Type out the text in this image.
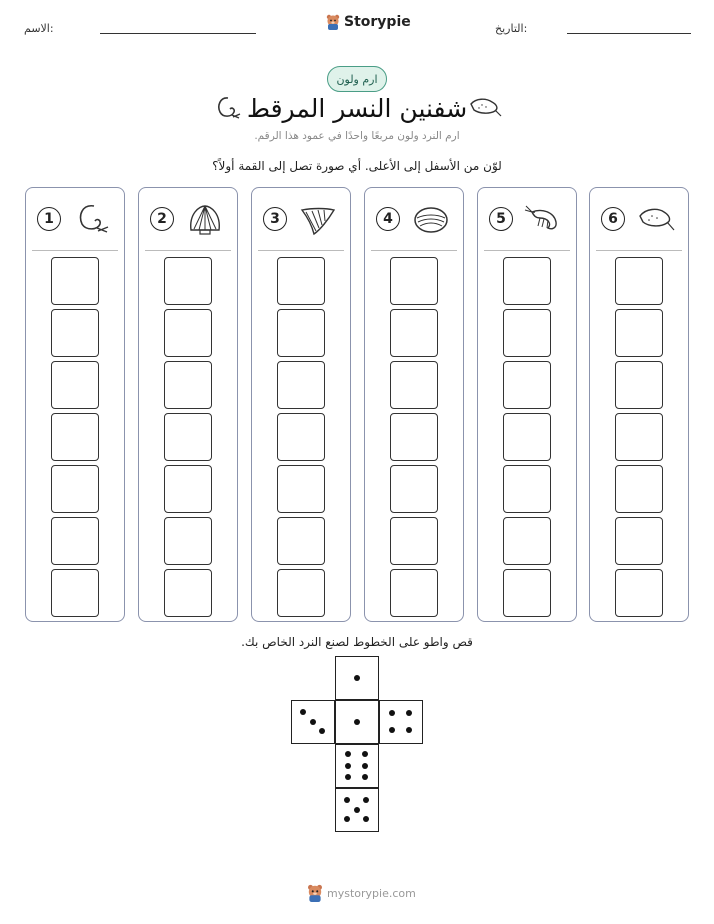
الاسم:	Storypie	التاريخ:
ارم ولون
شفنين النسر المرقط
ارم النرد ولون مربعًا واحدًا في عمود هذا الرقم.
لوّن من الأسفل إلى الأعلى. أي صورة تصل إلى القمة أولاً؟
1	2	3	4	5	6
قص واطو على الخطوط لصنع النرد الخاص بك.
mystorypie.com
